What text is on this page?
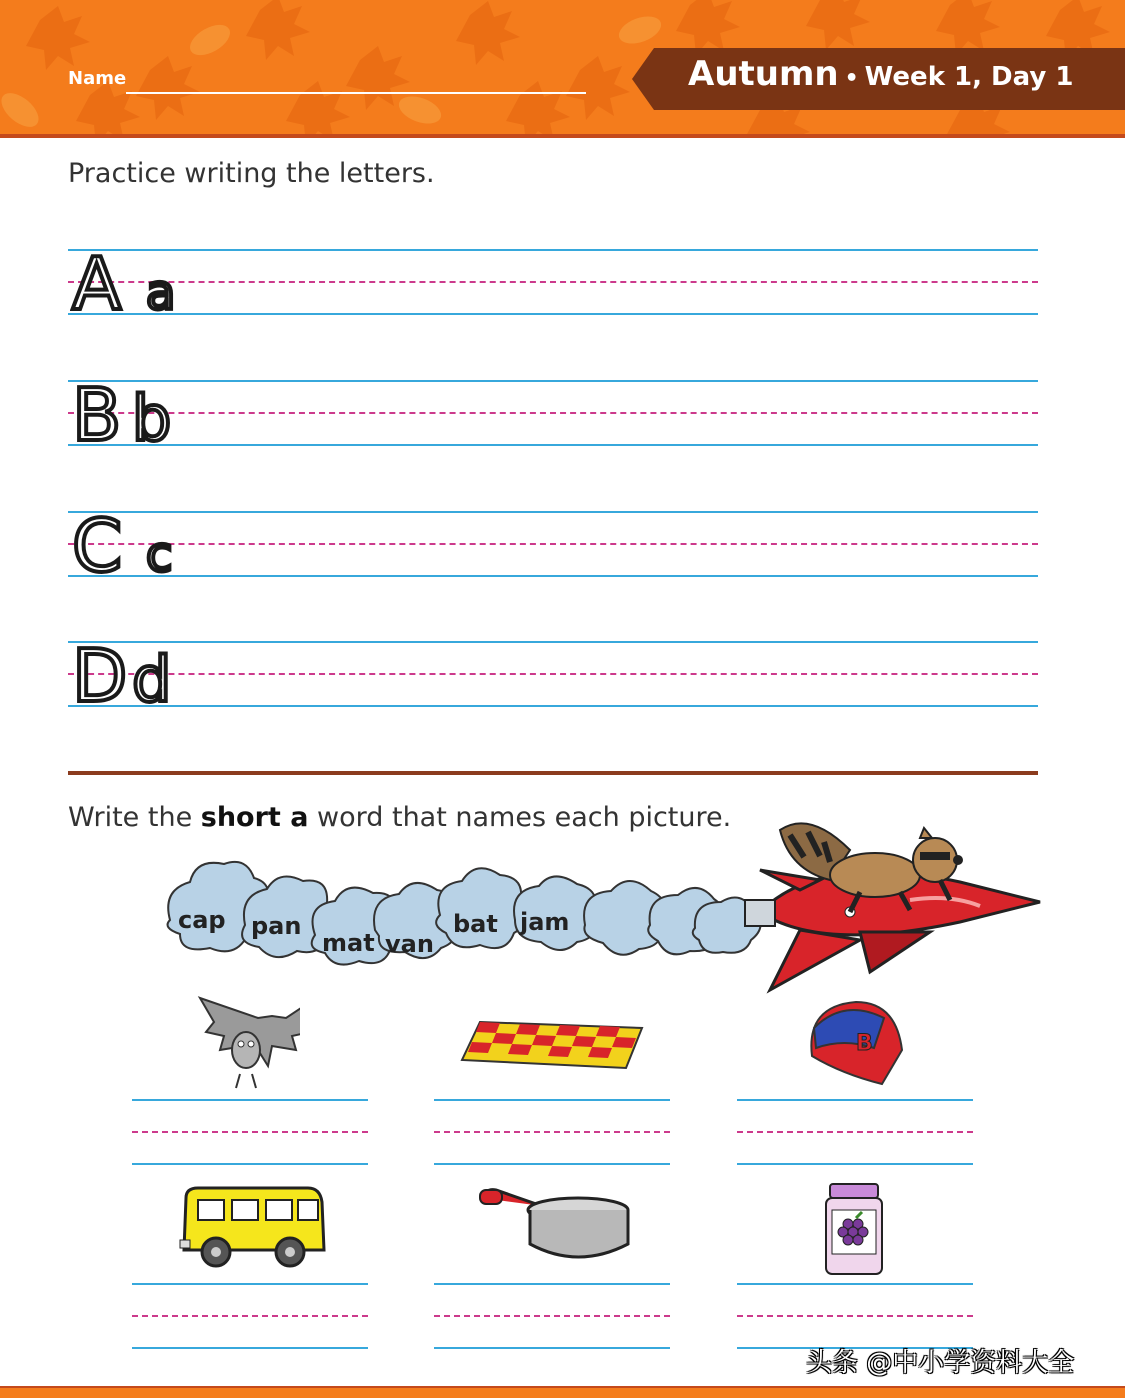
Name	Autumn • Week 1, Day 1
Practice writing the letters.
A a
B b
C c
D d
Write the short a word that names each picture.
cap pan
mat van
bat jam
B
头条 @中小学资料大全
